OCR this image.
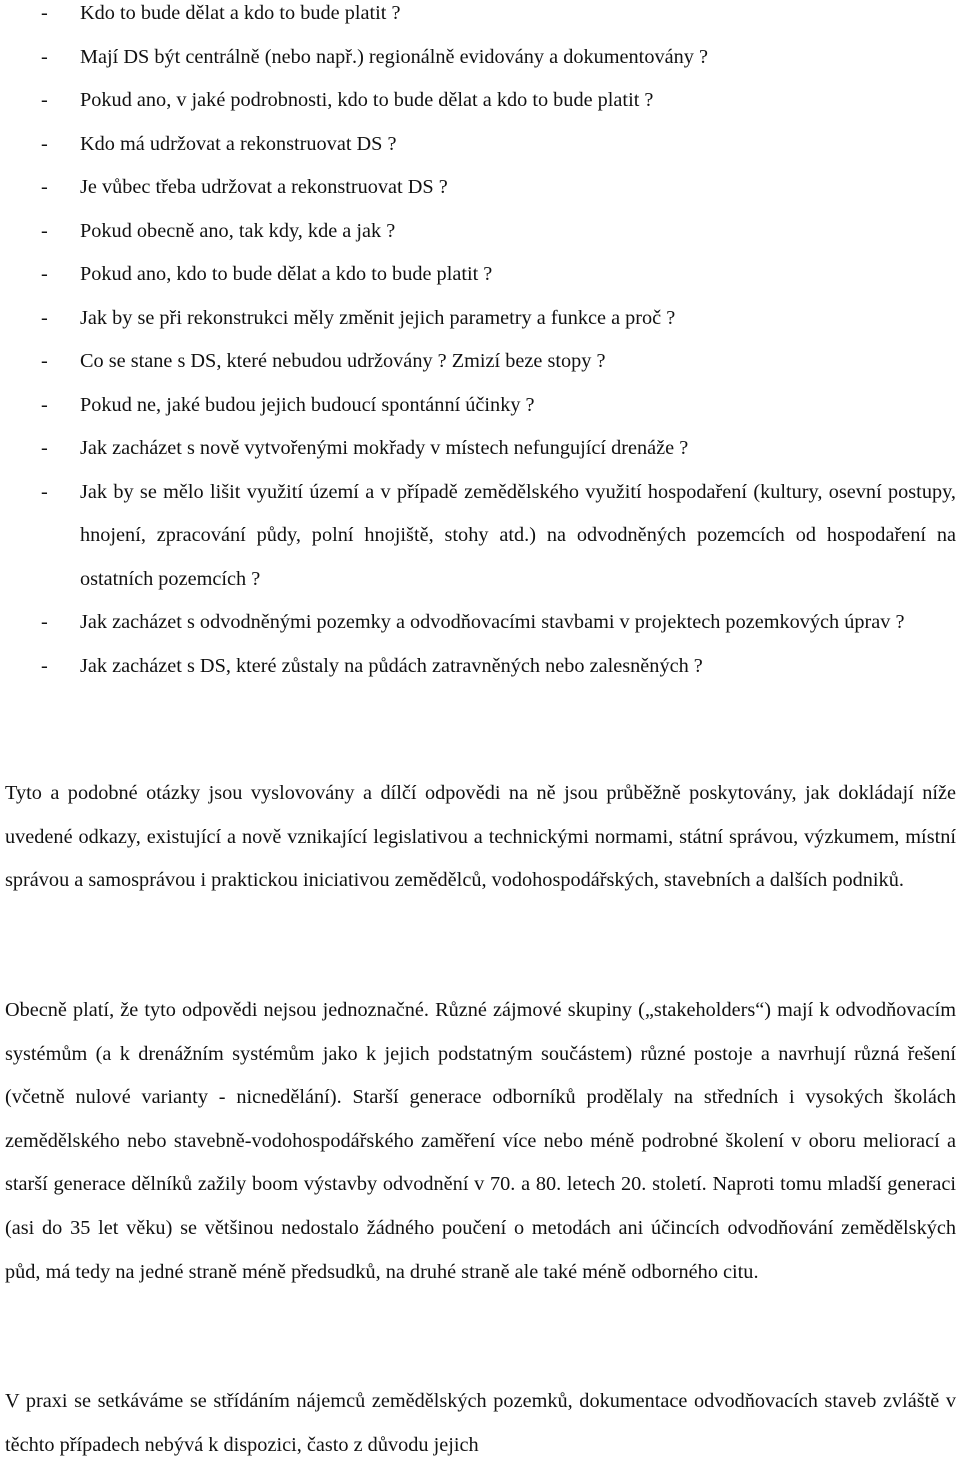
- Kdo to bude dělat a kdo to bude platit ?
- Mají DS být centrálně (nebo např.) regionálně evidovány a dokumentovány ?
- Pokud ano, v jaké podrobnosti, kdo to bude dělat a kdo to bude platit ?
- Kdo má udržovat a rekonstruovat DS ?
- Je vůbec třeba udržovat a rekonstruovat DS ?
- Pokud obecně ano, tak kdy, kde a jak ?
- Pokud ano, kdo to bude dělat a kdo to bude platit ?
- Jak by se při rekonstrukci měly změnit jejich parametry a funkce a proč ?
- Co se stane s DS, které nebudou udržovány ? Zmizí beze stopy ?
- Pokud ne, jaké budou jejich budoucí spontánní účinky ?
- Jak zacházet s nově vytvořenými mokřady v místech nefungující drenáže ?
- Jak by se mělo lišit využití území a v případě zemědělského využití hospodaření (kultury, osevní postupy, hnojení, zpracování půdy, polní hnojiště, stohy atd.) na odvodněných pozemcích od hospodaření na ostatních pozemcích ?
- Jak zacházet s odvodněnými pozemky a odvodňovacími stavbami v projektech pozemkových úprav ?
- Jak zacházet s DS, které zůstaly na půdách zatravněných nebo zalesněných ?

Tyto a podobné otázky jsou vyslovovány a dílčí odpovědi na ně jsou průběžně poskytovány, jak dokládají níže uvedené odkazy, existující a nově vznikající legislativou a technickými normami, státní správou, výzkumem, místní správou a samosprávou i praktickou iniciativou zemědělců, vodohospodářských, stavebních a dalších podniků.

Obecně platí, že tyto odpovědi nejsou jednoznačné. Různé zájmové skupiny („stakeholders“) mají k odvodňovacím systémům (a k drenážním systémům jako k jejich podstatným součástem) různé postoje a navrhují různá řešení (včetně nulové varianty - nicnedělání). Starší generace odborníků prodělaly na středních i vysokých školách zemědělského nebo stavebně-vodohospodářského zaměření více nebo méně podrobné školení v oboru meliorací a starší generace dělníků zažily boom výstavby odvodnění v 70. a 80. letech 20. století. Naproti tomu mladší generaci (asi do 35 let věku) se většinou nedostalo žádného poučení o metodách ani účincích odvodňování zemědělských půd, má tedy na jedné straně méně předsudků, na druhé straně ale také méně odborného citu.

V praxi se setkáváme se střídáním nájemců zemědělských pozemků, dokumentace odvodňovacích staveb zvláště v těchto případech nebývá k dispozici, často z důvodu jejich
